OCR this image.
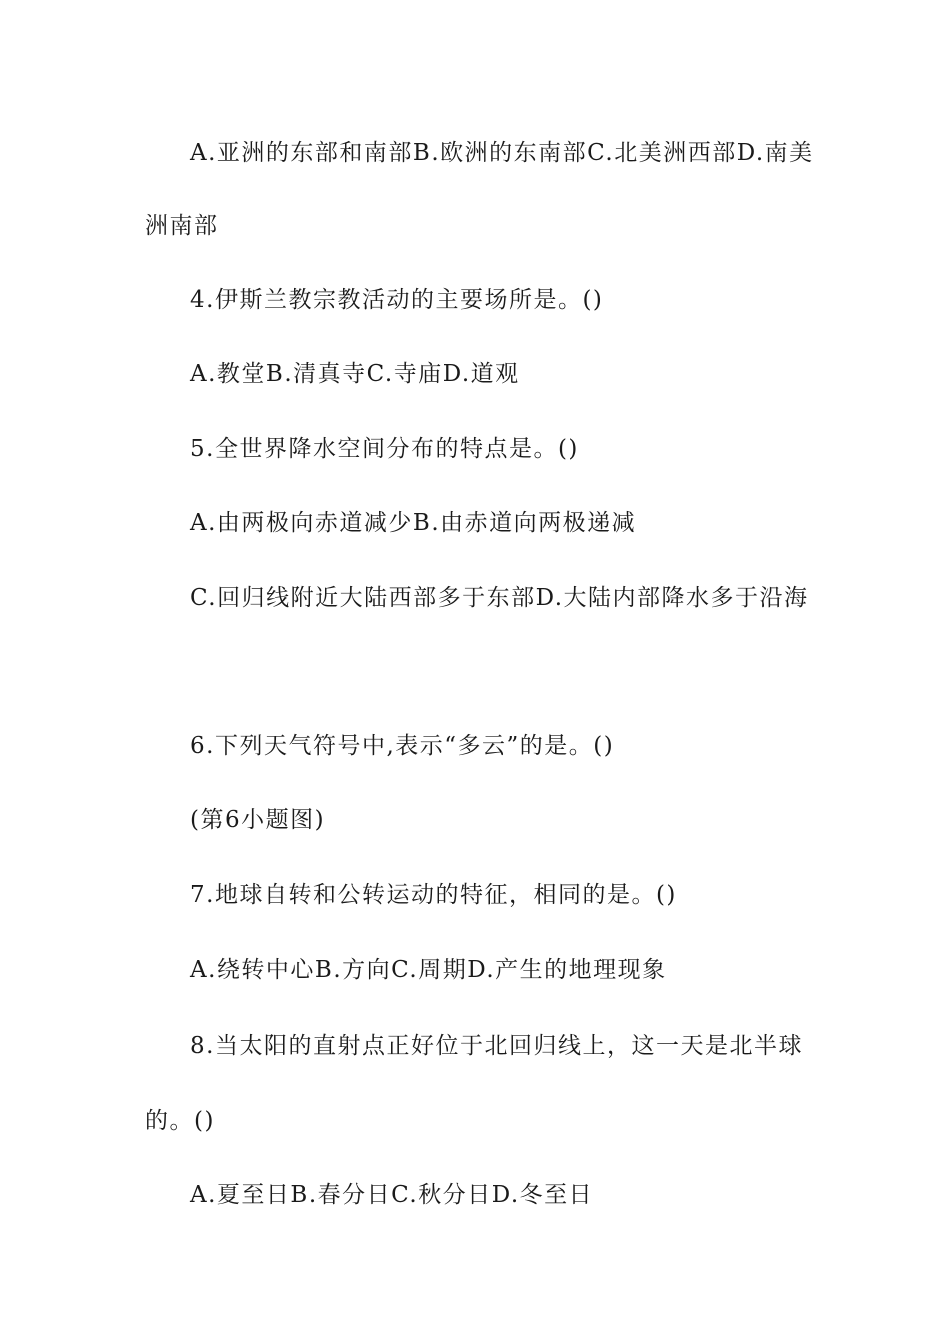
A.亚洲的东部和南部B.欧洲的东南部C.北美洲西部D.南美
洲南部
4.伊斯兰教宗教活动的主要场所是。()
A.教堂B.清真寺C.寺庙D.道观
5.全世界降水空间分布的特点是。()
A.由两极向赤道减少B.由赤道向两极递减
C.回归线附近大陆西部多于东部D.大陆内部降水多于沿海
6.下列天气符号中,表示“多云”的是。()
(第6小题图)
7.地球自转和公转运动的特征，相同的是。()
A.绕转中心B.方向C.周期D.产生的地理现象
8.当太阳的直射点正好位于北回归线上，这一天是北半球
的。()
A.夏至日B.春分日C.秋分日D.冬至日
